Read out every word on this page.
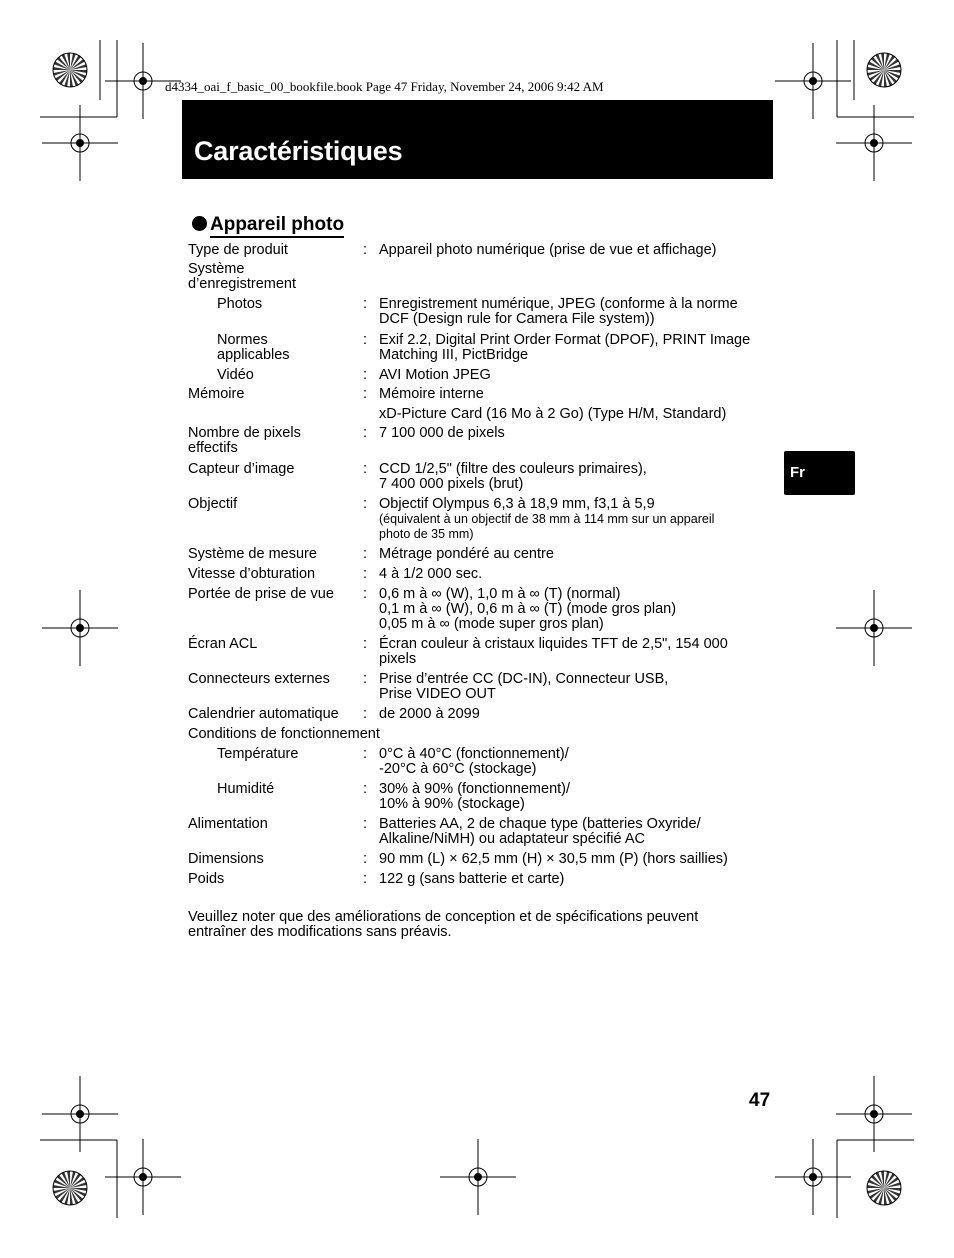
d4334_oai_f_basic_00_bookfile.book Page 47 Friday, November 24, 2006 9:42 AM
Caractéristiques
Appareil photo
Type de produit	: Appareil photo numérique (prise de vue et affichage)
Système
d’enregistrement
Photos	: Enregistrement numérique, JPEG (conforme à la norme
DCF (Design rule for Camera File system))
Normes
applicables
: Exif 2.2, Digital Print Order Format (DPOF), PRINT Image
Matching III, PictBridge
Vidéo	: AVI Motion JPEG
Mémoire	: Mémoire interne
xD-Picture Card (16 Mo à 2 Go) (Type H/M, Standard)
Nombre de pixels
effectifs
: 7 100 000 de pixels
Capteur d’image	: CCD 1/2,5" (filtre des couleurs primaires),
7 400 000 pixels (brut)
Objectif	: Objectif Olympus 6,3 à 18,9 mm, f3,1 à 5,9
(équivalent à un objectif de 38 mm à 114 mm sur un appareil
photo de 35 mm)
Système de mesure	: Métrage pondéré au centre
Vitesse d’obturation	: 4 à 1/2 000 sec.
Portée de prise de vue : 0,6 m à ∞ (W), 1,0 m à ∞ (T) (normal)
0,1 m à ∞ (W), 0,6 m à ∞ (T) (mode gros plan)
0,05 m à ∞ (mode super gros plan)
Écran ACL	: Écran couleur à cristaux liquides TFT de 2,5", 154 000
pixels
Connecteurs externes : Prise d’entrée CC (DC-IN), Connecteur USB,
Prise VIDEO OUT
Calendrier automatique : de 2000 à 2099
Conditions de fonctionnement
Température	: 0°C à 40°C (fonctionnement)/
-20°C à 60°C (stockage)
Humidité	: 30% à 90% (fonctionnement)/
10% à 90% (stockage)
Alimentation	: Batteries AA, 2 de chaque type (batteries Oxyride/
Alkaline/NiMH) ou adaptateur spécifié AC
Dimensions	: 90 mm (L) × 62,5 mm (H) × 30,5 mm (P) (hors saillies)
Poids	: 122 g (sans batterie et carte)
Veuillez noter que des améliorations de conception et de spécifications peuvent
entraîner des modifications sans préavis.
Fr
47
